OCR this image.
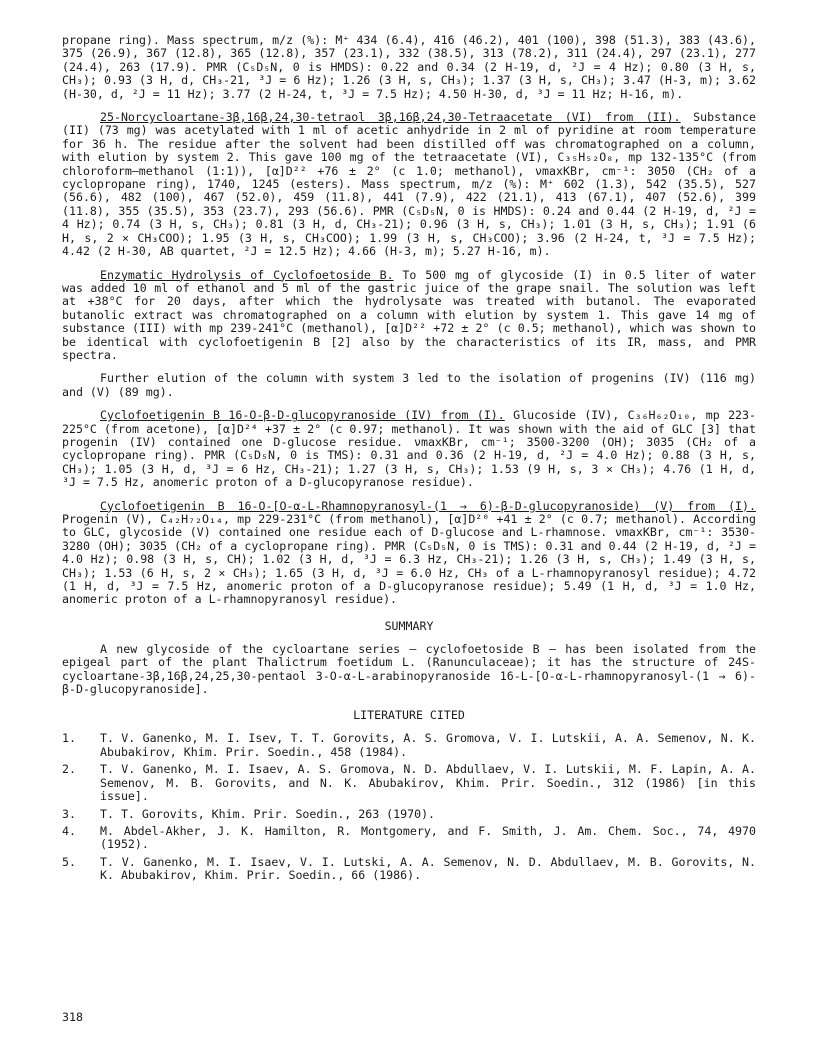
propane ring). Mass spectrum, m/z (%): M⁺ 434 (6.4), 416 (46.2), 401 (100), 398 (51.3), 383 (43.6), 375 (26.9), 367 (12.8), 365 (12.8), 357 (23.1), 332 (38.5), 313 (78.2), 311 (24.4), 297 (23.1), 277 (24.4), 263 (17.9). PMR (C₅D₅N, 0 is HMDS): 0.22 and 0.34 (2 H-19, d, ²J = 4 Hz); 0.80 (3 H, s, CH₃); 0.93 (3 H, d, CH₃-21, ³J = 6 Hz); 1.26 (3 H, s, CH₃); 1.37 (3 H, s, CH₃); 3.47 (H-3, m); 3.62 (H-30, d, ²J = 11 Hz); 3.77 (2 H-24, t, ³J = 7.5 Hz); 4.50 H-30, d, ³J = 11 Hz; H-16, m).

25-Norcycloartane-3β,16β,24,30-tetraol 3β,16β,24,30-Tetraacetate (VI) from (II). Substance (II) (73 mg) was acetylated with 1 ml of acetic anhydride in 2 ml of pyridine at room temperature for 36 h. The residue after the solvent had been distilled off was chromatographed on a column, with elution by system 2. This gave 100 mg of the tetraacetate (VI), C₃₅H₅₂O₈, mp 132-135°C (from chloroform—methanol (1:1)), [α]D²² +76 ± 2° (c 1.0; methanol), νmaxKBr, cm⁻¹: 3050 (CH₂ of a cyclopropane ring), 1740, 1245 (esters). Mass spectrum, m/z (%): M⁺ 602 (1.3), 542 (35.5), 527 (56.6), 482 (100), 467 (52.0), 459 (11.8), 441 (7.9), 422 (21.1), 413 (67.1), 407 (52.6), 399 (11.8), 355 (35.5), 353 (23.7), 293 (56.6). PMR (C₅D₅N, 0 is HMDS): 0.24 and 0.44 (2 H-19, d, ²J = 4 Hz); 0.74 (3 H, s, CH₃); 0.81 (3 H, d, CH₃-21); 0.96 (3 H, s, CH₃); 1.01 (3 H, s, CH₃); 1.91 (6 H, s, 2 × CH₃COO); 1.95 (3 H, s, CH₃COO); 1.99 (3 H, s, CH₃COO); 3.96 (2 H-24, t, ³J = 7.5 Hz); 4.42 (2 H-30, AB quartet, ²J = 12.5 Hz); 4.66 (H-3, m); 5.27 H-16, m).

Enzymatic Hydrolysis of Cyclofoetoside B. To 500 mg of glycoside (I) in 0.5 liter of water was added 10 ml of ethanol and 5 ml of the gastric juice of the grape snail. The solution was left at +38°C for 20 days, after which the hydrolysate was treated with butanol. The evaporated butanolic extract was chromatographed on a column with elution by system 1. This gave 14 mg of substance (III) with mp 239-241°C (methanol), [α]D²² +72 ± 2° (c 0.5; methanol), which was shown to be identical with cyclofoetigenin B [2] also by the characteristics of its IR, mass, and PMR spectra.

Further elution of the column with system 3 led to the isolation of progenins (IV) (116 mg) and (V) (89 mg).

Cyclofoetigenin B 16-O-β-D-glucopyranoside (IV) from (I). Glucoside (IV), C₃₆H₆₂O₁₀, mp 223-225°C (from acetone), [α]D²⁴ +37 ± 2° (c 0.97; methanol). It was shown with the aid of GLC [3] that progenin (IV) contained one D-glucose residue. νmaxKBr, cm⁻¹; 3500-3200 (OH); 3035 (CH₂ of a cyclopropane ring). PMR (C₅D₅N, 0 is TMS): 0.31 and 0.36 (2 H-19, d, ²J = 4.0 Hz); 0.88 (3 H, s, CH₃); 1.05 (3 H, d, ³J = 6 Hz, CH₃-21); 1.27 (3 H, s, CH₃); 1.53 (9 H, s, 3 × CH₃); 4.76 (1 H, d, ³J = 7.5 Hz, anomeric proton of a D-glucopyranose residue).

Cyclofoetigenin B 16-O-[O-α-L-Rhamnopyranosyl-(1 → 6)-β-D-glucopyranoside) (V) from (I). Progenin (V), C₄₂H₇₂O₁₄, mp 229-231°C (from methanol), [α]D²⁰ +41 ± 2° (c 0.7; methanol). According to GLC, glycoside (V) contained one residue each of D-glucose and L-rhamnose. νmaxKBr, cm⁻¹: 3530-3280 (OH); 3035 (CH₂ of a cyclopropane ring). PMR (C₅D₅N, 0 is TMS): 0.31 and 0.44 (2 H-19, d, ²J = 4.0 Hz); 0.98 (3 H, s, CH); 1.02 (3 H, d, ³J = 6.3 Hz, CH₃-21); 1.26 (3 H, s, CH₃); 1.49 (3 H, s, CH₃); 1.53 (6 H, s, 2 × CH₃); 1.65 (3 H, d, ³J = 6.0 Hz, CH₃ of a L-rhamnopyranosyl residue); 4.72 (1 H, d, ³J = 7.5 Hz, anomeric proton of a D-glucopyranose residue); 5.49 (1 H, d, ³J = 1.0 Hz, anomeric proton of a L-rhamnopyranosyl residue).

SUMMARY

A new glycoside of the cycloartane series — cyclofoetoside B — has been isolated from the epigeal part of the plant Thalictrum foetidum L. (Ranunculaceae); it has the structure of 24S-cycloartane-3β,16β,24,25,30-pentaol 3-O-α-L-arabinopyranoside 16-L-[O-α-L-rhamnopyranosyl-(1 → 6)-β-D-glucopyranoside].

LITERATURE CITED
1.	T. V. Ganenko, M. I. Isev, T. T. Gorovits, A. S. Gromova, V. I. Lutskii, A. A. Semenov, N. K. Abubakirov, Khim. Prir. Soedin., 458 (1984).
2.	T. V. Ganenko, M. I. Isaev, A. S. Gromova, N. D. Abdullaev, V. I. Lutskii, M. F. Lapin, A. A. Semenov, M. B. Gorovits, and N. K. Abubakirov, Khim. Prir. Soedin., 312 (1986) [in this issue].
3.	T. T. Gorovits, Khim. Prir. Soedin., 263 (1970).
4.	M. Abdel-Akher, J. K. Hamilton, R. Montgomery, and F. Smith, J. Am. Chem. Soc., 74, 4970 (1952).
5.	T. V. Ganenko, M. I. Isaev, V. I. Lutski, A. A. Semenov, N. D. Abdullaev, M. B. Gorovits, N. K. Abubakirov, Khim. Prir. Soedin., 66 (1986).
318
